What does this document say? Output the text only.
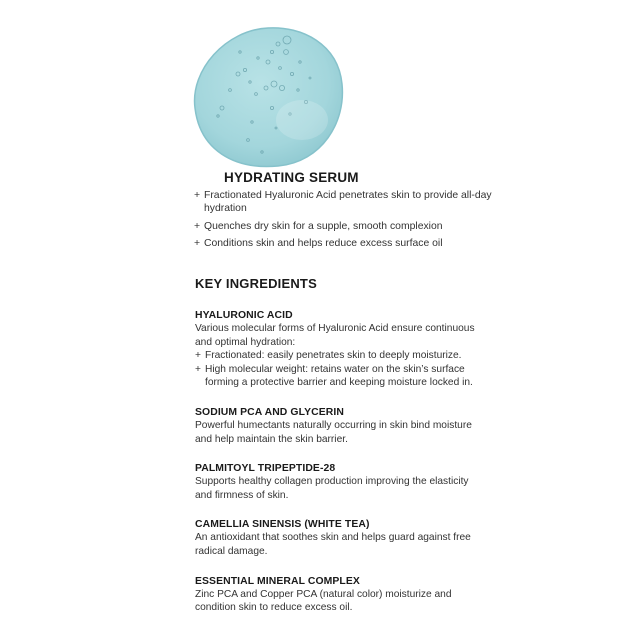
HYDRATING SERUM
+ Fractionated Hyaluronic Acid penetrates skin to provide all-day hydration
+ Quenches dry skin for a supple, smooth complexion
+ Conditions skin and helps reduce excess surface oil
KEY INGREDIENTS
HYALURONIC ACID
Various molecular forms of Hyaluronic Acid ensure continuous and optimal hydration:
+ Fractionated: easily penetrates skin to deeply moisturize.
+ High molecular weight: retains water on the skin’s surface forming a protective barrier and keeping moisture locked in.
SODIUM PCA AND GLYCERIN
Powerful humectants naturally occurring in skin bind moisture and help maintain the skin barrier.
PALMITOYL TRIPEPTIDE-28
Supports healthy collagen production improving the elasticity and firmness of skin.
CAMELLIA SINENSIS (WHITE TEA)
An antioxidant that soothes skin and helps guard against free radical damage.
ESSENTIAL MINERAL COMPLEX
Zinc PCA and Copper PCA (natural color) moisturize and condition skin to reduce excess oil.
